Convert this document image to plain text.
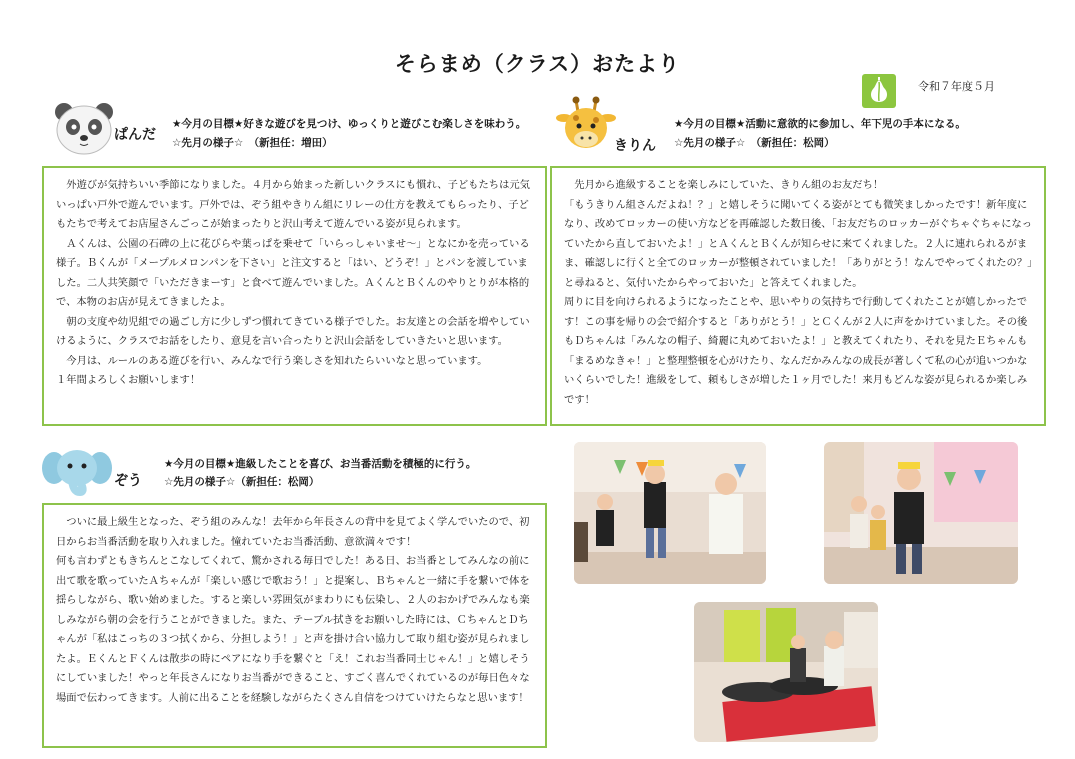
そらまめ（クラス）おたより
令和７年度５月
ぱんだ
★今月の目標★好きな遊びを見つけ、ゆっくりと遊びこむ楽しさを味わう。
☆先月の様子☆　（新担任：増田）

　外遊びが気持ちいい季節になりました。４月から始まった新しいクラスにも慣れ、子どもたちは元気いっぱい戸外で遊んでいます。戸外では、ぞう組やきりん組にリレーの仕方を教えてもらったり、子どもたちで考えてお店屋さんごっこが始まったりと沢山考えて遊んでいる姿が見られます。

　Ａくんは、公園の石碑の上に花びらや葉っぱを乗せて「いらっしゃいませ～」となにかを売っている様子。Ｂくんが「メープルメロンパンを下さい」と注文すると「はい、どうぞ！」とパンを渡していました。二人共笑顔で「いただきまーす」と食べて遊んでいました。ＡくんとＢくんのやりとりが本格的で、本物のお店が見えてきましたよ。

　朝の支度や幼児組での過ごし方に少しずつ慣れてきている様子でした。お友達との会話を増やしていけるように、クラスでお話をしたり、意見を言い合ったりと沢山会話をしていきたいと思います。

　今月は、ルールのある遊びを行い、みんなで行う楽しさを知れたらいいなと思っています。

１年間よろしくお願いします！

きりん
★今月の目標★活動に意欲的に参加し、年下児の手本になる。
☆先月の様子☆　（新担任：松岡）

　先月から進級することを楽しみにしていた、きりん組のお友だち！

「もうきりん組さんだよね！？」と嬉しそうに聞いてくる姿がとても微笑ましかったです！新年度になり、改めてロッカーの使い方などを再確認した数日後、「お友だちのロッカーがぐちゃぐちゃになっていたから直しておいたよ！」とＡくんとＢくんが知らせに来てくれました。２人に連れられるがまま、確認しに行くと全てのロッカーが整頓されていました！「ありがとう！なんでやってくれたの？」と尋ねると、気付いたからやっておいた」と答えてくれました。

周りに目を向けられるようになったことや、思いやりの気持ちで行動してくれたことが嬉しかったです！この事を帰りの会で紹介すると「ありがとう！」とＣくんが２人に声をかけていました。その後もＤちゃんは「みんなの帽子、綺麗に丸めておいたよ！」と教えてくれたり、それを見たＥちゃんも「まるめなきゃ！」と整理整頓を心がけたり、なんだかみんなの成長が著しくて私の心が追いつかないくらいでした！進級をして、頼もしさが増した１ヶ月でした！来月もどんな姿が見られるか楽しみです！

ぞう
★今月の目標★進級したことを喜び、お当番活動を積極的に行う。
☆先月の様子☆（新担任：松岡）

　ついに最上級生となった、ぞう組のみんな！去年から年長さんの背中を見てよく学んでいたので、初日からお当番活動を取り入れました。憧れていたお当番活動、意欲満々です！

何も言わずともきちんとこなしてくれて、驚かされる毎日でした！ある日、お当番としてみんなの前に出て歌を歌っていたＡちゃんが「楽しい感じで歌おう！」と提案し、Ｂちゃんと一緒に手を繋いで体を揺らしながら、歌い始めました。すると楽しい雰囲気がまわりにも伝染し、２人のおかげでみんなも楽しみながら朝の会を行うことができました。また、テーブル拭きをお願いした時には、ＣちゃんとＤちゃんが「私はこっちの３つ拭くから、分担しよう！」と声を掛け合い協力して取り組む姿が見られましたよ。ＥくんとＦくんは散歩の時にペアになり手を繋ぐと「え！これお当番同士じゃん！」と嬉しそうにしていました！やっと年長さんになりお当番ができること、すごく喜んでくれているのが毎日色々な場面で伝わってきます。人前に出ることを経験しながらたくさん自信をつけていけたらなと思います！
